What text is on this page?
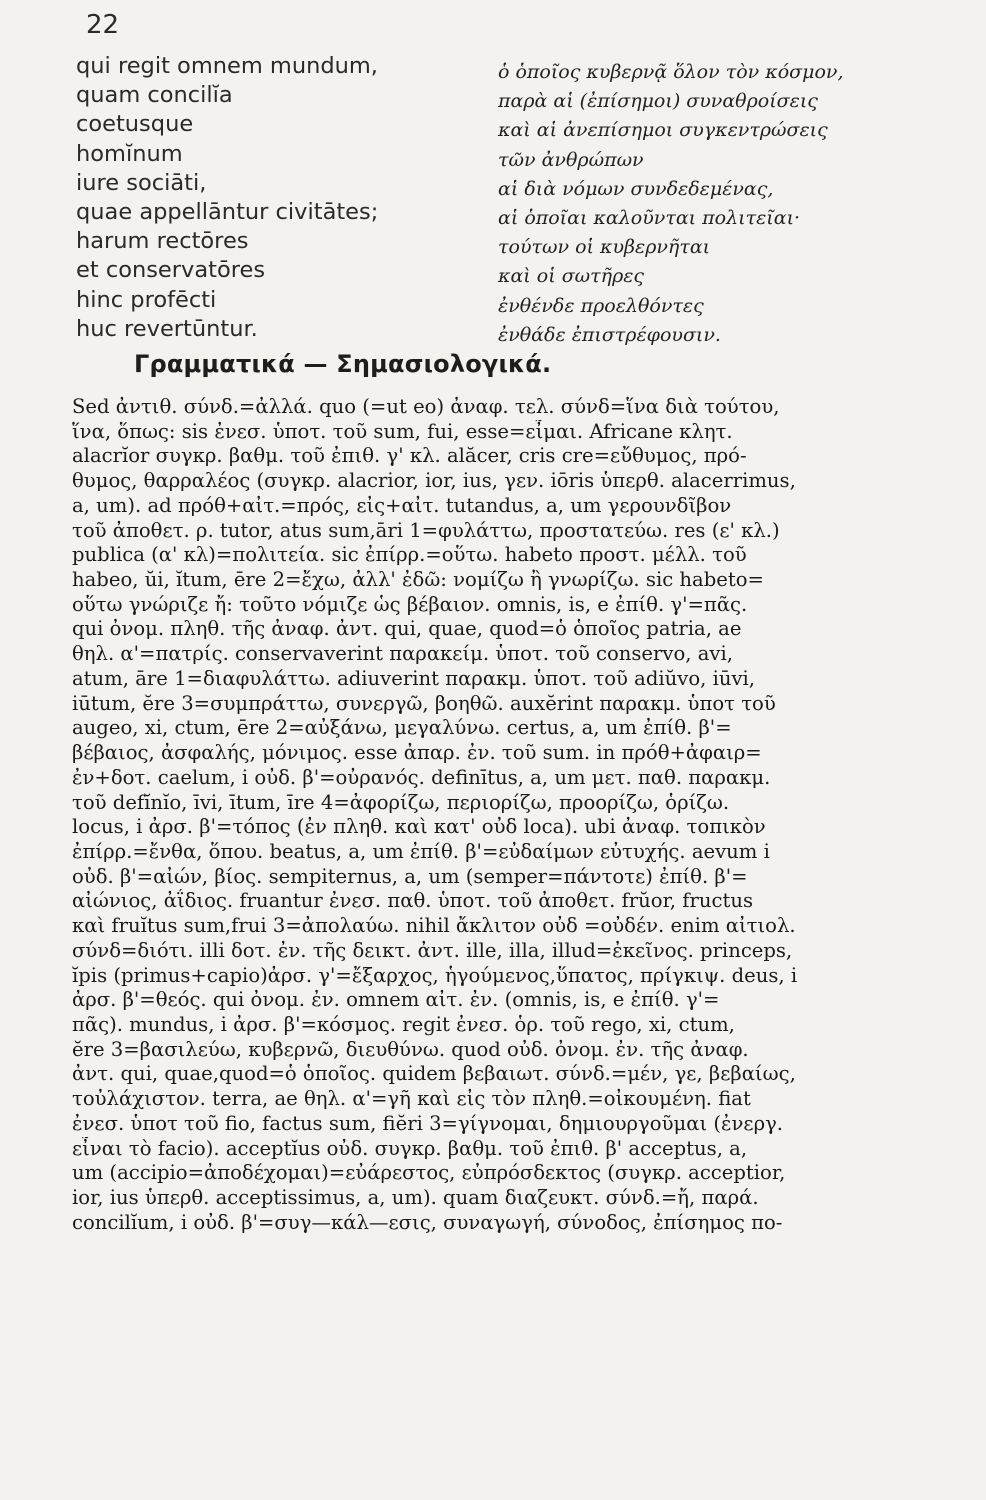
22
qui regit omnem mundum,
quam concilĭa
coetusque
homĭnum
iure sociāti,
quae appellāntur civitātes;
harum rectōres
et conservatōres
hinc profēcti
huc revertūntur.
ὁ ὁποῖος κυβερνᾷ ὅλον τὸν κόσμον,
παρὰ αἱ (ἐπίσημοι) συναθροίσεις
καὶ αἱ ἀνεπίσημοι συγκεντρώσεις
τῶν ἀνθρώπων
αἱ διὰ νόμων συνδεδεμένας,
αἱ ὁποῖαι καλοῦνται πολιτεῖαι·
τούτων οἱ κυβερνῆται
καὶ οἱ σωτῆρες
ἐνθένδε προελθόντες
ἐνθάδε ἐπιστρέφουσιν.
Γραμματικά — Σημασιολογικά.
Sed ἀντιθ. σύνδ.=ἀλλά. quo (=ut eo) ἀναφ. τελ. σύνδ=ἵνα διὰ τούτου,
ἵνα, ὅπως: sis ἐνεσ. ὑποτ. τοῦ sum, fui, esse=εἶμαι. Africane κλητ.
alacrĭor συγκρ. βαθμ. τοῦ ἐπιθ. γ' κλ. alăcer, cris cre=εὔθυμος, πρό-
θυμος, θαρραλέος (συγκρ. alacrior, ior, ius, γεν. iōris ὑπερθ. alacerrimus,
a, um). ad πρόθ+αἰτ.=πρός, εἰς+αἰτ. tutandus, a, um γερουνδῖβον
τοῦ ἀποθετ. ρ. tutor, atus sum,āri 1=φυλάττω, προστατεύω. res (ε' κλ.)
publica (α' κλ)=πολιτεία. sic ἐπίρρ.=οὕτω. habeto προστ. μέλλ. τοῦ
habeo, ŭi, ĭtum, ēre 2=ἔχω, ἀλλ' ἐδῶ: νομίζω ἢ γνωρίζω. sic habeto=
οὕτω γνώριζε ἤ: τοῦτο νόμιζε ὡς βέβαιον. omnis, is, e ἐπίθ. γ'=πᾶς.
qui ὀνομ. πληθ. τῆς ἀναφ. ἀντ. qui, quae, quod=ὁ ὁποῖος patria, ae
θηλ. α'=πατρίς. conservaverint παρακείμ. ὑποτ. τοῦ conservo, avi,
atum, āre 1=διαφυλάττω. adiuverint παρακμ. ὑποτ. τοῦ adiŭvo, iūvi,
iūtum, ĕre 3=συμπράττω, συνεργῶ, βοηθῶ. auxĕrint παρακμ. ὑποτ τοῦ
augeo, xi, ctum, ēre 2=αὐξάνω, μεγαλύνω. certus, a, um ἐπίθ. β'=
βέβαιος, ἀσφαλής, μόνιμος. esse ἀπαρ. ἐν. τοῦ sum. in πρόθ+ἀφαιρ=
ἐν+δοτ. caelum, i οὐδ. β'=οὐρανός. definītus, a, um μετ. παθ. παρακμ.
τοῦ defĭnĭo, īvi, ītum, īre 4=ἀφορίζω, περιορίζω, προορίζω, ὁρίζω.
locus, i ἀρσ. β'=τόπος (ἐν πληθ. καὶ κατ' οὐδ loca). ubi ἀναφ. τοπικὸν
ἐπίρρ.=ἔνθα, ὅπου. beatus, a, um ἐπίθ. β'=εὐδαίμων εὐτυχής. aevum i
οὐδ. β'=αἰών, βίος. sempiternus, a, um (semper=πάντοτε) ἐπίθ. β'=
αἰώνιος, ἀΐδιος. fruantur ἐνεσ. παθ. ὑποτ. τοῦ ἀποθετ. frŭor, fructus
καὶ fruĭtus sum,frui 3=ἀπολαύω. nihil ἄκλιτον οὐδ =οὐδέν. enim αἰτιολ.
σύνδ=διότι. illi δοτ. ἐν. τῆς δεικτ. ἀντ. ille, illa, illud=ἐκεῖνος. princeps,
ĭpis (primus+capio)ἀρσ. γ'=ἔξαρχος, ἡγούμενος,ὕπατος, πρίγκιψ. deus, i
ἀρσ. β'=θεός. qui ὀνομ. ἐν. omnem αἰτ. ἐν. (omnis, is, e ἐπίθ. γ'=
πᾶς). mundus, i ἀρσ. β'=κόσμος. regit ἐνεσ. ὁρ. τοῦ rego, xi, ctum,
ĕre 3=βασιλεύω, κυβερνῶ, διευθύνω. quod οὐδ. ὀνομ. ἐν. τῆς ἀναφ.
ἀντ. qui, quae,quod=ὁ ὁποῖος. quidem βεβαιωτ. σύνδ.=μέν, γε, βεβαίως,
τοὐλάχιστον. terra, ae θηλ. α'=γῆ καὶ εἰς τὸν πληθ.=οἰκουμένη. fiat
ἐνεσ. ὑποτ τοῦ fio, factus sum, fiĕri 3=γίγνομαι, δημιουργοῦμαι (ἐνεργ.
εἶναι τὸ facio). acceptĭus οὐδ. συγκρ. βαθμ. τοῦ ἐπιθ. β' acceptus, a,
um (accipio=ἀποδέχομαι)=εὐάρεστος, εὐπρόσδεκτος (συγκρ. acceptior,
ior, ius ὑπερθ. acceptissimus, a, um). quam διαζευκτ. σύνδ.=ἤ, παρά.
concilĭum, i οὐδ. β'=συγ—κάλ—εσις, συναγωγή, σύνοδος, ἐπίσημος πο-
